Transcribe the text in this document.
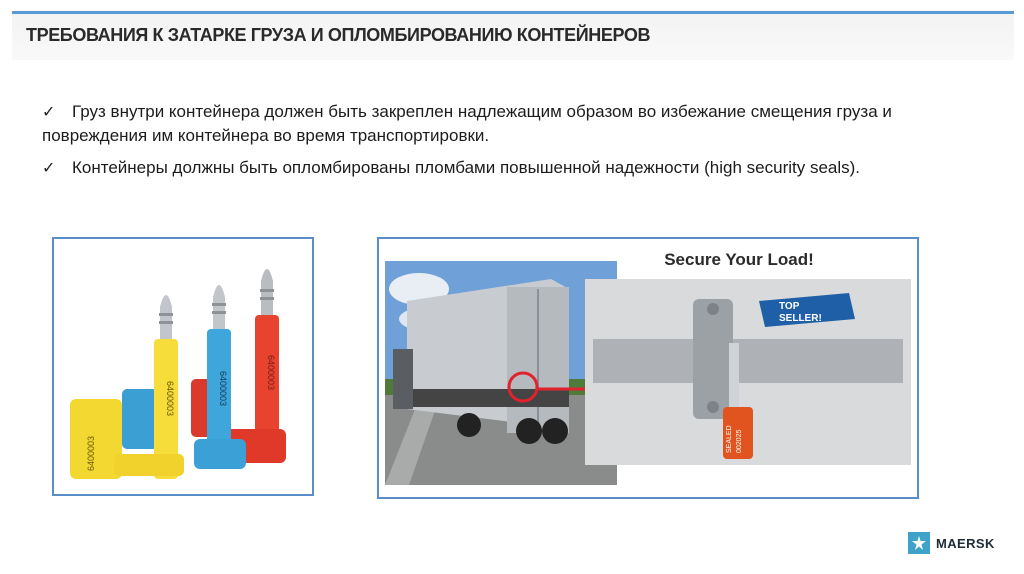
ТРЕБОВАНИЯ К ЗАТАРКЕ ГРУЗА И ОПЛОМБИРОВАНИЮ КОНТЕЙНЕРОВ
✓ Груз внутри контейнера должен быть закреплен надлежащим образом во избежание смещения груза и повреждения им контейнера во время транспортировки.
✓ Контейнеры должны быть опломбированы пломбами повышенной надежности (high security seals).
6400003
6400003
6400003
6400003	SEALED 002025
Secure Your Load!
TOP
SELLER!
MAERSK
